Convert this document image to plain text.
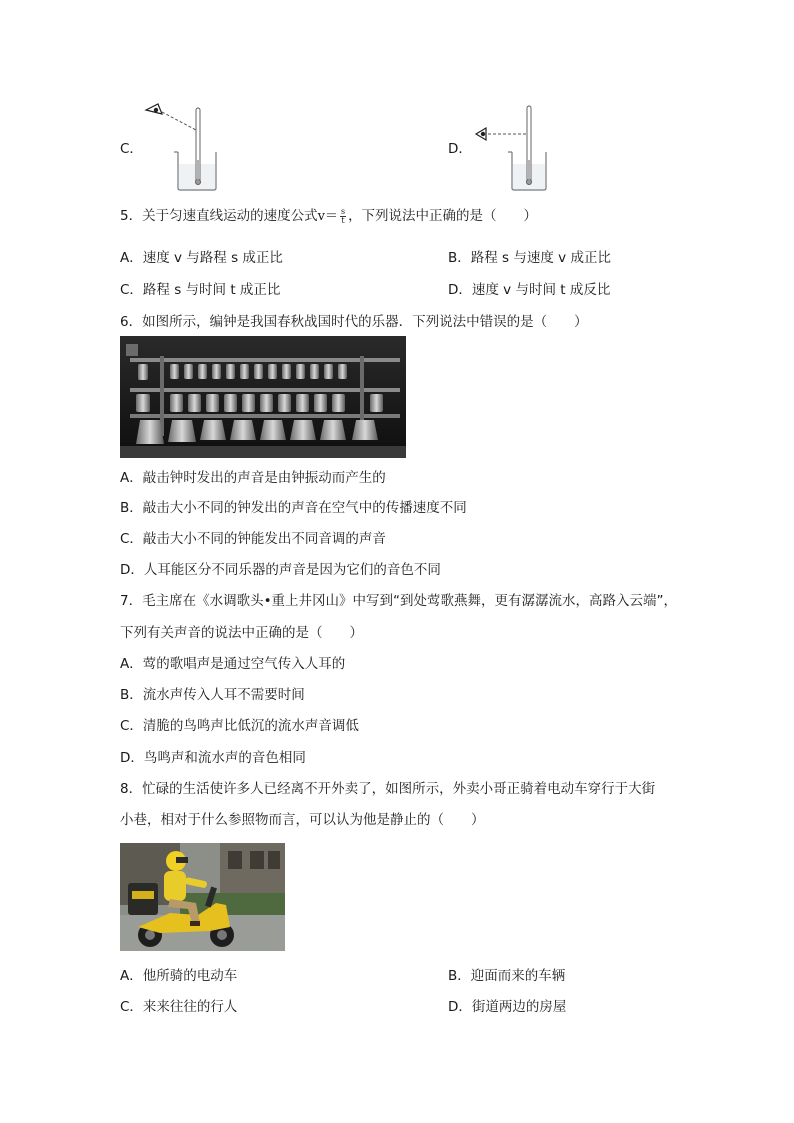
C．	D．
5．关于匀速直线运动的速度公式$v= \frac{s}{t}$ ，下列说法中正确的是（　　）
A．速度 v 与路程 s 成正比	B．路程 s 与速度 v 成正比
C．路程 s 与时间 t 成正比	D．速度 v 与时间 t 成反比
6．如图所示，编钟是我国春秋战国时代的乐器．下列说法中错误的是（　　）
A．敲击钟时发出的声音是由钟振动而产生的
B．敲击大小不同的钟发出的声音在空气中的传播速度不同
C．敲击大小不同的钟能发出不同音调的声音
D．人耳能区分不同乐器的声音是因为它们的音色不同
7．毛主席在《水调歌头•重上井冈山》中写到“到处莺歌燕舞，更有潺潺流水，高路入云端”，
下列有关声音的说法中正确的是（　　）
A．莺的歌唱声是通过空气传入人耳的
B．流水声传入人耳不需要时间
C．清脆的鸟鸣声比低沉的流水声音调低
D．鸟鸣声和流水声的音色相同
8．忙碌的生活使许多人已经离不开外卖了，如图所示，外卖小哥正骑着电动车穿行于大街
小巷，相对于什么参照物而言，可以认为他是静止的（　　）
A．他所骑的电动车	B．迎面而来的车辆
C．来来往往的行人	D．街道两边的房屋
